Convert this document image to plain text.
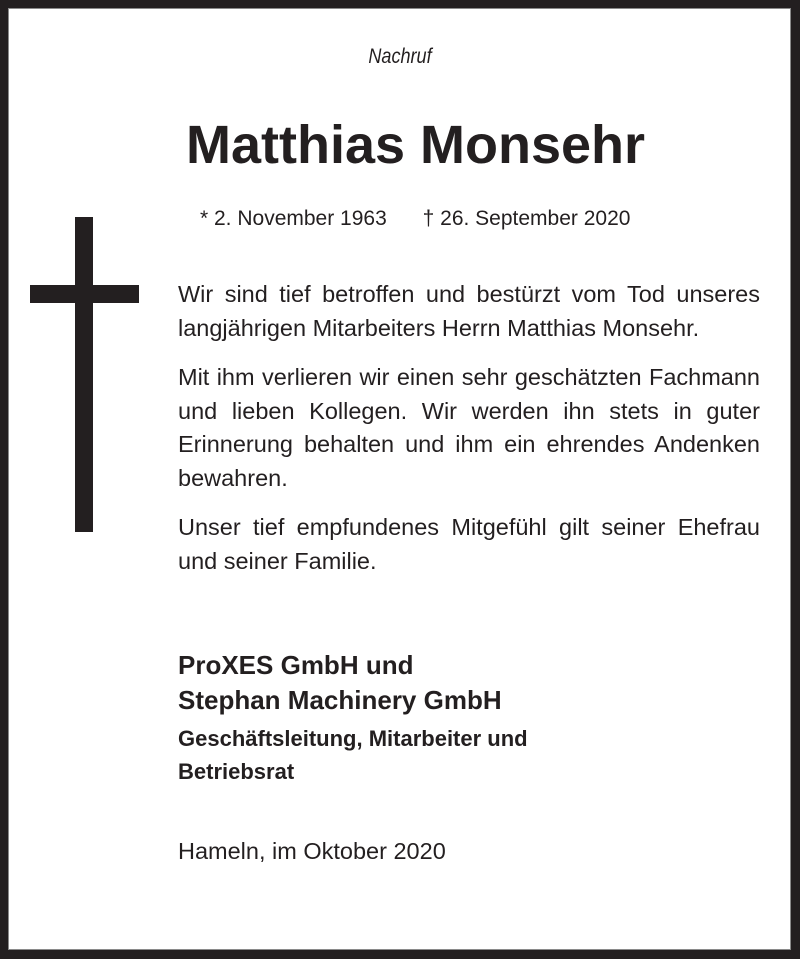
Nachruf
Matthias Monsehr
* 2. November 1963 † 26. September 2020

Wir sind tief betroffen und bestürzt vom Tod unseres langjährigen Mitarbeiters Herrn Matthias Monsehr.

Mit ihm verlieren wir einen sehr geschätzten Fachmann und lieben Kollegen. Wir werden ihn stets in guter Erinnerung behalten und ihm ein ehrendes Andenken bewahren.

Unser tief empfundenes Mitgefühl gilt seiner Ehefrau und seiner Familie.

ProXES GmbH und
Stephan Machinery GmbH
Geschäftsleitung, Mitarbeiter und
Betriebsrat
Hameln, im Oktober 2020
